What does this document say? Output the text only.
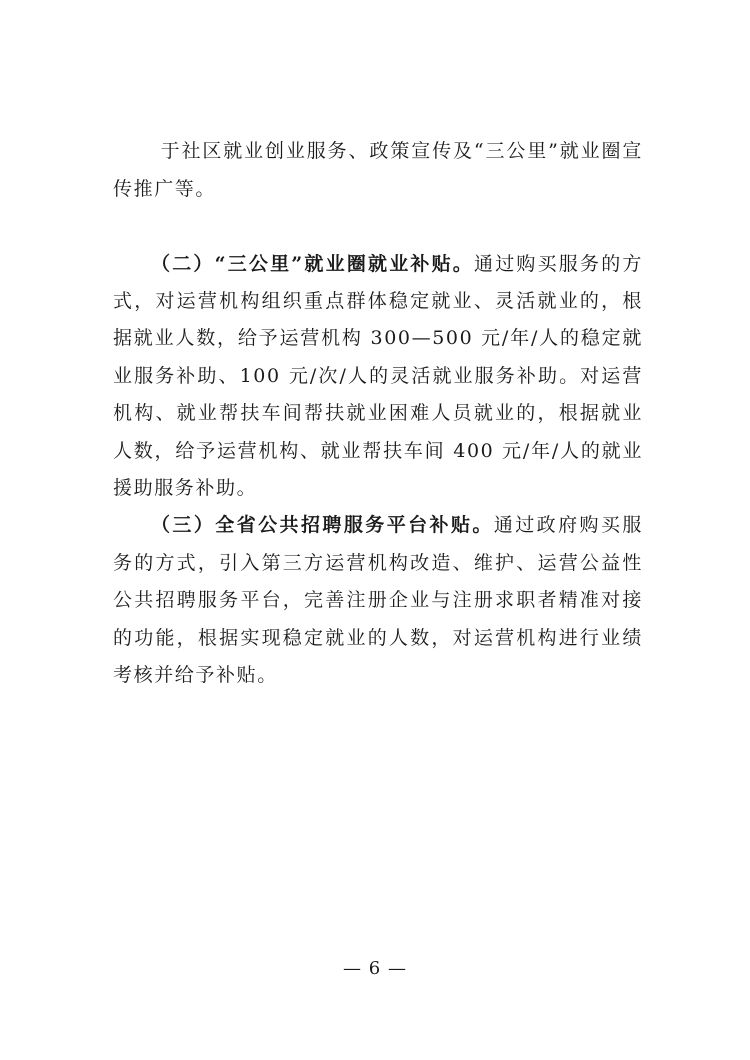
于社区就业创业服务、政策宣传及“三公里”就业圈宣传推广等。

（二）“三公里”就业圈就业补贴。通过购买服务的方式，对运营机构组织重点群体稳定就业、灵活就业的，根据就业人数，给予运营机构 300—500 元/年/人的稳定就业服务补助、100 元/次/人的灵活就业服务补助。对运营机构、就业帮扶车间帮扶就业困难人员就业的，根据就业人数，给予运营机构、就业帮扶车间 400 元/年/人的就业援助服务补助。

（三）全省公共招聘服务平台补贴。通过政府购买服务的方式，引入第三方运营机构改造、维护、运营公益性公共招聘服务平台，完善注册企业与注册求职者精准对接的功能，根据实现稳定就业的人数，对运营机构进行业绩考核并给予补贴。

— 6 —
